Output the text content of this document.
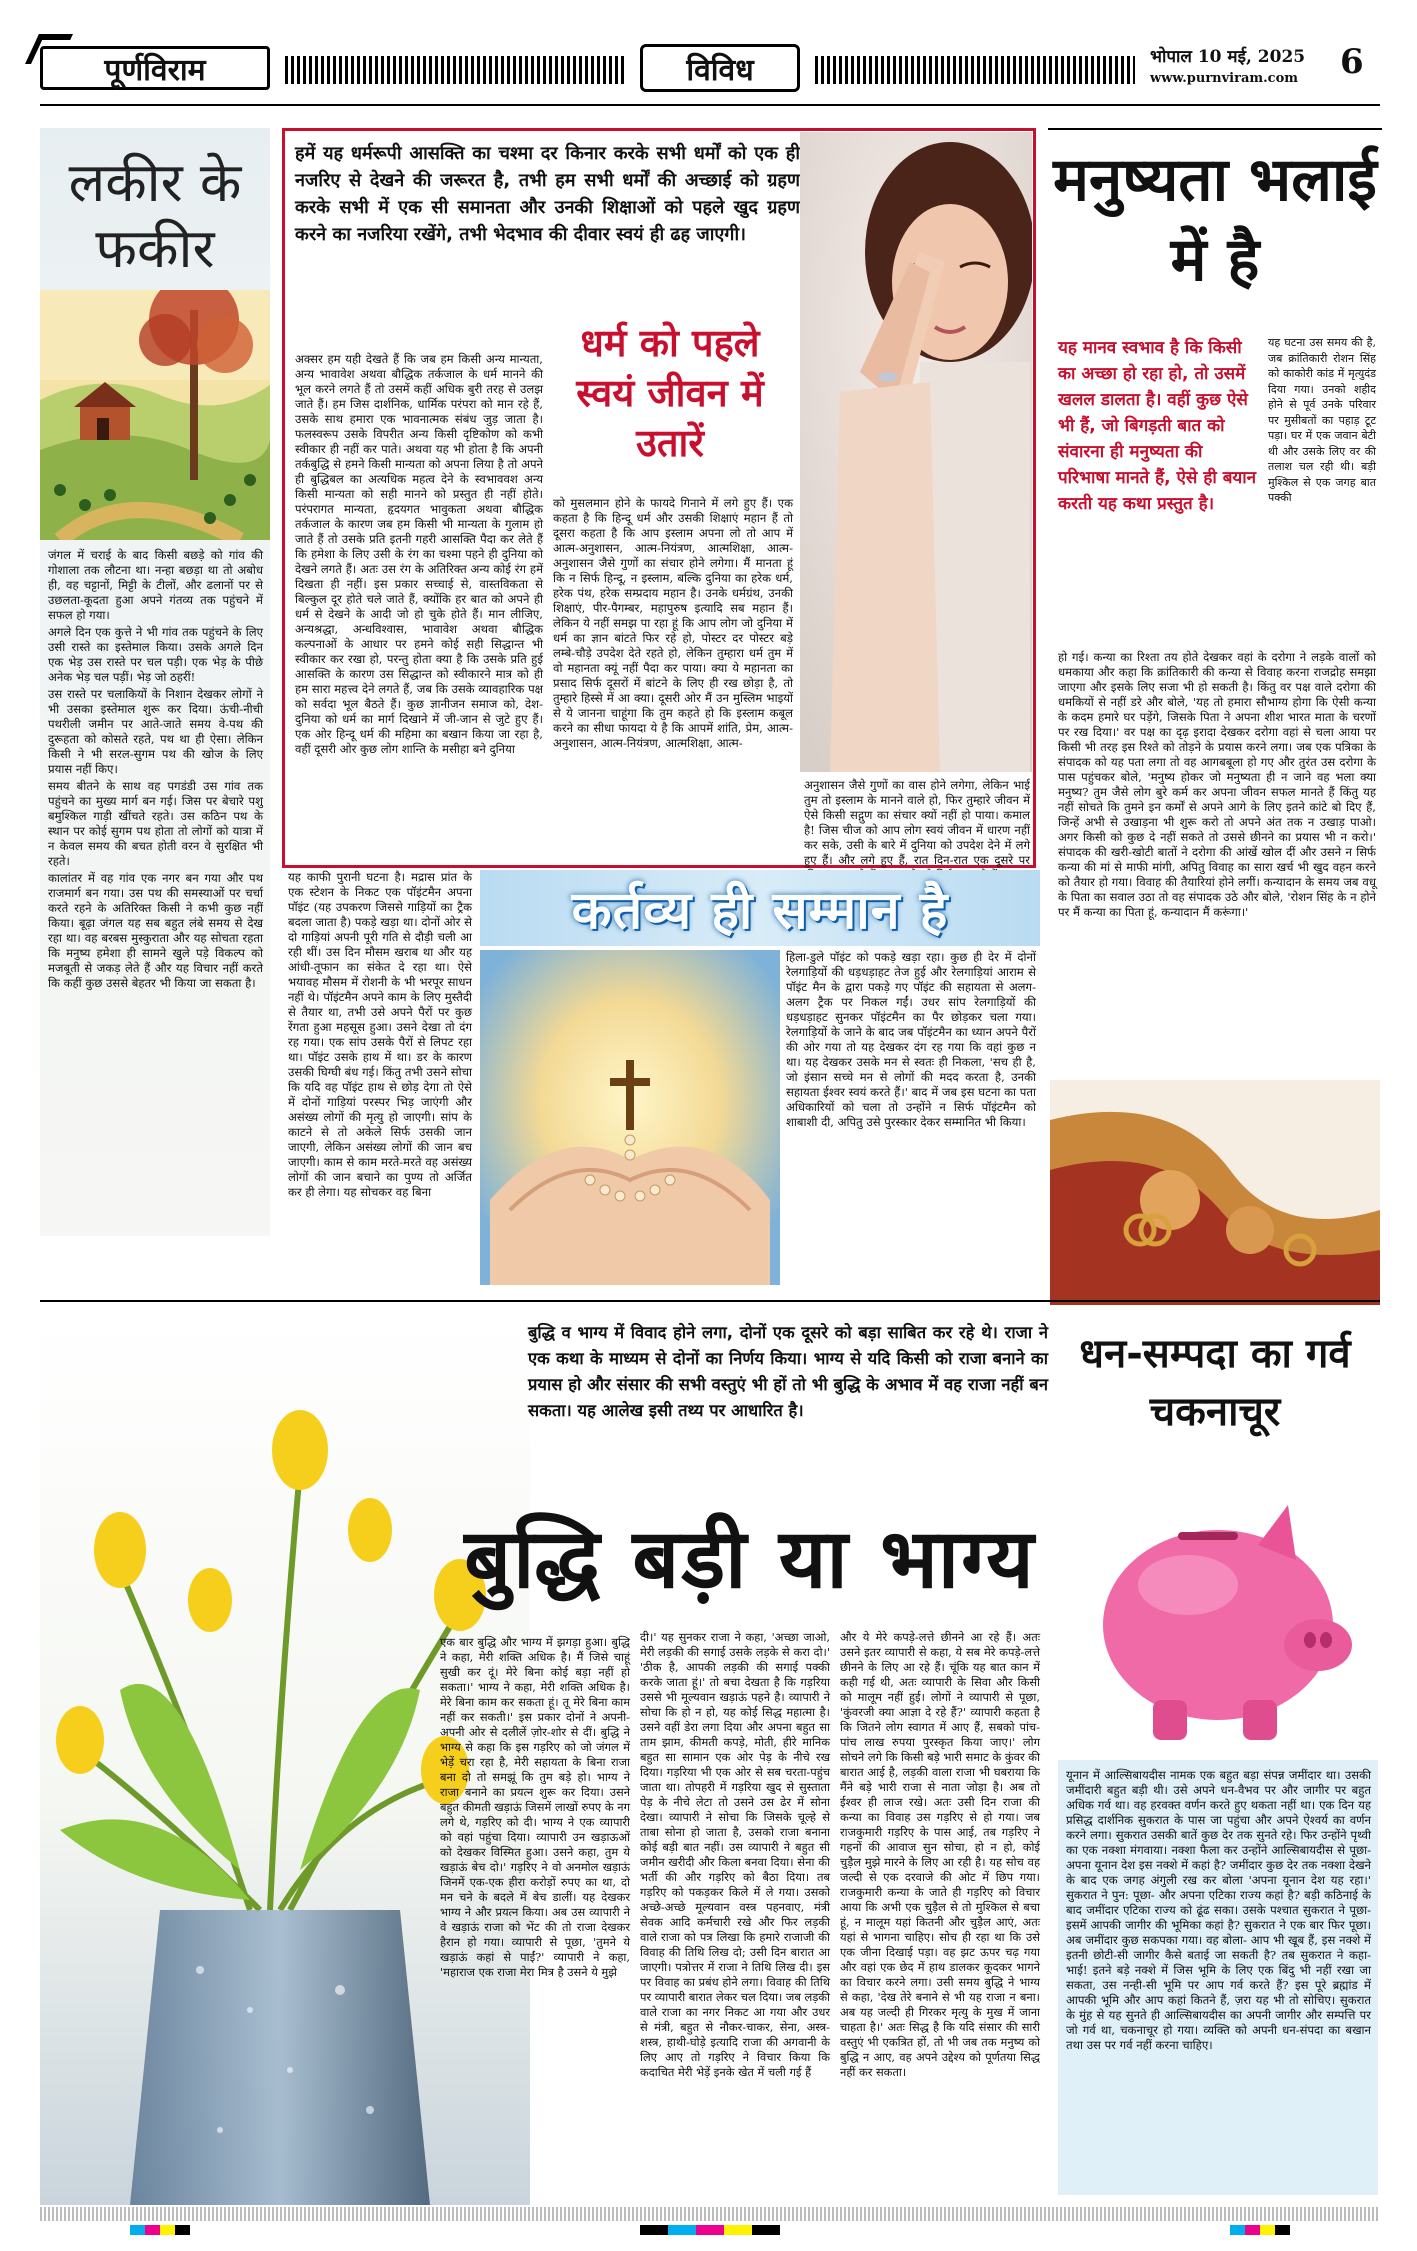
पूर्णविराम	विविध	भोपाल 10 मई, 2025
www.purnviram.com	6
लकीर के फकीर

जंगल में चराई के बाद किसी बछड़े को गांव की गोशाला तक लौटना था। नन्हा बछड़ा था तो अबोध ही, वह चट्टानों, मिट्टी के टीलों, और ढलानों पर से उछलता-कूदता हुआ अपने गंतव्य तक पहुंचने में सफल हो गया।

अगले दिन एक कुत्ते ने भी गांव तक पहुंचने के लिए उसी रास्ते का इस्तेमाल किया। उसके अगले दिन एक भेड़ उस रास्ते पर चल पड़ी। एक भेड़ के पीछे अनेक भेड़ चल पड़ीं। भेड़ जो ठहरीं!

उस रास्ते पर चलाकियों के निशान देखकर लोगों ने भी उसका इस्तेमाल शुरू कर दिया। ऊंची-नीची पथरीली जमीन पर आते-जाते समय वे-पथ की दुरूहता को कोसते रहते, पथ था ही ऐसा। लेकिन किसी ने भी सरल-सुगम पथ की खोज के लिए प्रयास नहीं किए।

समय बीतने के साथ वह पगडंडी उस गांव तक पहुंचने का मुख्य मार्ग बन गई। जिस पर बेचारे पशु बमुश्किल गाड़ी खींचते रहते। उस कठिन पथ के स्थान पर कोई सुगम पथ होता तो लोगों को यात्रा में न केवल समय की बचत होती वरन वे सुरक्षित भी रहते।

कालांतर में वह गांव एक नगर बन गया और पथ राजमार्ग बन गया। उस पथ की समस्याओं पर चर्चा करते रहने के अतिरिक्त किसी ने कभी कुछ नहीं किया। बूढ़ा जंगल यह सब बहुत लंबे समय से देख रहा था। वह बरबस मुस्कुराता और यह सोचता रहता कि मनुष्य हमेशा ही सामने खुले पड़े विकल्प को मजबूती से जकड़ लेते हैं और यह विचार नहीं करते कि कहीं कुछ उससे बेहतर भी किया जा सकता है।

हमें यह धर्मरूपी आसक्ति का चश्मा दर किनार करके सभी धर्मों को एक ही नजरिए से देखने की जरूरत है, तभी हम सभी धर्मों की अच्छाई को ग्रहण करके सभी में एक सी समानता और उनकी शिक्षाओं को पहले खुद ग्रहण करने का नजरिया रखेंगे, तभी भेदभाव की दीवार स्वयं ही ढह जाएगी।
धर्म को पहले स्वयं जीवन में उतारें
अक्सर हम यही देखते हैं कि जब हम किसी अन्य मान्यता, अन्य भावावेश अथवा बौद्धिक तर्कजाल के धर्म मानने की भूल करने लगते हैं तो उसमें कहीं अधिक बुरी तरह से उलझ जाते हैं। हम जिस दार्शनिक, धार्मिक परंपरा को मान रहे हैं, उसके साथ हमारा एक भावनात्मक संबंध जुड़ जाता है। फलस्वरूप उसके विपरीत अन्य किसी दृष्टिकोण को कभी स्वीकार ही नहीं कर पाते। अथवा यह भी होता है कि अपनी तर्कबुद्धि से हमने किसी मान्यता को अपना लिया है तो अपने ही बुद्धिबल का अत्यधिक महत्व देने के स्वभाववश अन्य किसी मान्यता को सही मानने को प्रस्तुत ही नहीं होते। परंपरागत मान्यता, हृदयगत भावुकता अथवा बौद्धिक तर्कजाल के कारण जब हम किसी भी मान्यता के गुलाम हो जाते हैं तो उसके प्रति इतनी गहरी आसक्ति पैदा कर लेते हैं कि हमेशा के लिए उसी के रंग का चश्मा पहने ही दुनिया को देखने लगते हैं। अतः उस रंग के अतिरिक्त अन्य कोई रंग हमें दिखता ही नहीं। इस प्रकार सच्चाई से, वास्तविकता से बिल्कुल दूर होते चले जाते हैं, क्योंकि हर बात को अपने ही धर्म से देखने के आदी जो हो चुके होते हैं। मान लीजिए, अन्यश्रद्धा, अन्धविश्वास, भावावेश अथवा बौद्धिक कल्पनाओं के आधार पर हमने कोई सही सिद्धान्त भी स्वीकार कर रखा हो, परन्तु होता क्या है कि उसके प्रति हुई आसक्ति के कारण उस सिद्धान्त को स्वीकारने मात्र को ही हम सारा महत्त्व देने लगते हैं, जब कि उसके व्यावहारिक पक्ष को सर्वदा भूल बैठते हैं। कुछ ज्ञानीजन समाज को, देश-दुनिया को धर्म का मार्ग दिखाने में जी-जान से जुटे हुए हैं। एक ओर हिन्दू धर्म की महिमा का बखान किया जा रहा है, वहीं दूसरी ओर कुछ लोग शान्ति के मसीहा बने दुनिया
को मुसलमान होने के फायदे गिनाने में लगे हुए हैं। एक कहता है कि हिन्दू धर्म और उसकी शिक्षाएं महान हैं तो दूसरा कहता है कि आप इस्लाम अपना लो तो आप में आत्म-अनुशासन, आत्म-नियंत्रण, आत्मशिक्षा, आत्म-अनुशासन जैसे गुणों का संचार होने लगेगा। मैं मानता हूं कि न सिर्फ हिन्दू, न इस्लाम, बल्कि दुनिया का हरेक धर्म, हरेक पंथ, हरेक सम्प्रदाय महान है। उनके धर्मग्रंथ, उनकी शिक्षाएं, पीर-पैगम्बर, महापुरुष इत्यादि सब महान हैं। लेकिन ये नहीं समझ पा रहा हूं कि आप लोग जो दुनिया में धर्म का ज्ञान बांटते फिर रहे हो, पोस्टर दर पोस्टर बड़े लम्बे-चौड़े उपदेश देते रहते हो, लेकिन तुम्हारा धर्म तुम में वो महानता क्यूं नहीं पैदा कर पाया। क्या ये महानता का प्रसाद सिर्फ दूसरों में बांटने के लिए ही रख छोड़ा है, तो तुम्हारे हिस्से में आ क्या। दूसरी ओर मैं उन मुस्लिम भाइयों से ये जानना चाहूंगा कि तुम कहते हो कि इस्लाम कबूल करने का सीधा फायदा ये है कि आपमें शांति, प्रेम, आत्म-अनुशासन, आत्म-नियंत्रण, आत्मशिक्षा, आत्म-
अनुशासन जैसे गुणों का वास होने लगेगा, लेकिन भाई तुम तो इस्लाम के मानने वाले हो, फिर तुम्हारे जीवन में ऐसे किसी सद्गुण का संचार क्यों नहीं हो पाया। कमाल है! जिस चीज को आप लोग स्वयं जीवन में धारण नहीं कर सके, उसी के बारे में दुनिया को उपदेश देने में लगे हुए हैं। और लगे हुए हैं, रात दिन-रात एक दूसरे पर
मनुष्यता भलाई में है
यह मानव स्वभाव है कि किसी का अच्छा हो रहा हो, तो उसमें खलल डालता है। वहीं कुछ ऐसे भी हैं, जो बिगड़ती बात को संवारना ही मनुष्यता की परिभाषा मानते हैं, ऐसे ही बयान करती यह कथा प्रस्तुत है।
यह घटना उस समय की है, जब क्रांतिकारी रोशन सिंह को काकोरी कांड में मृत्युदंड दिया गया। उनको शहीद होने से पूर्व उनके परिवार पर मुसीबतों का पहाड़ टूट पड़ा। घर में एक जवान बेटी थी और उसके लिए वर की तलाश चल रही थी। बड़ी मुश्किल से एक जगह बात पक्की
हो गई। कन्या का रिश्ता तय होते देखकर वहां के दरोगा ने लड़के वालों को धमकाया और कहा कि क्रांतिकारी की कन्या से विवाह करना राजद्रोह समझा जाएगा और इसके लिए सजा भी हो सकती है। किंतु वर पक्ष वाले दरोगा की धमकियों से नहीं डरे और बोले, 'यह तो हमारा सौभाग्य होगा कि ऐसी कन्या के कदम हमारे घर पड़ेंगे, जिसके पिता ने अपना शीश भारत माता के चरणों पर रख दिया।' वर पक्ष का दृढ़ इरादा देखकर दरोगा वहां से चला आया पर किसी भी तरह इस रिश्ते को तोड़ने के प्रयास करने लगा। जब एक पत्रिका के संपादक को यह पता लगा तो वह आगबबूला हो गए और तुरंत उस दरोगा के पास पहुंचकर बोले, 'मनुष्य होकर जो मनुष्यता ही न जाने वह भला क्या मनुष्य? तुम जैसे लोग बुरे कर्म कर अपना जीवन सफल मानते हैं किंतु यह नहीं सोचते कि तुमने इन कर्मों से अपने आगे के लिए इतने कांटे बो दिए हैं, जिन्हें अभी से उखाड़ना भी शुरू करो तो अपने अंत तक न उखाड़ पाओ। अगर किसी को कुछ दे नहीं सकते तो उससे छीनने का प्रयास भी न करो।' संपादक की खरी-खोटी बातों ने दरोगा की आंखें खोल दीं और उसने न सिर्फ कन्या की मां से माफी मांगी, अपितु विवाह का सारा खर्च भी खुद वहन करने को तैयार हो गया। विवाह की तैयारियां होने लगीं। कन्यादान के समय जब वधू के पिता का सवाल उठा तो वह संपादक उठे और बोले, 'रोशन सिंह के न होने पर मैं कन्या का पिता हूं, कन्यादान मैं करूंगा।'
कर्तव्य ही सम्मान है
यह काफी पुरानी घटना है। मद्रास प्रांत के एक स्टेशन के निकट एक पॉइंटमैन अपना पॉइंट (यह उपकरण जिससे गाड़ियों का ट्रैक बदला जाता है) पकड़े खड़ा था। दोनों ओर से दो गाड़ियां अपनी पूरी गति से दौड़ी चली आ रही थीं। उस दिन मौसम खराब था और यह आंधी-तूफान का संकेत दे रहा था। ऐसे भयावह मौसम में रोशनी के भी भरपूर साधन नहीं थे। पॉइंटमैन अपने काम के लिए मुस्तैदी से तैयार था, तभी उसे अपने पैरों पर कुछ रेंगता हुआ महसूस हुआ। उसने देखा तो दंग रह गया। एक सांप उसके पैरों से लिपट रहा था। पॉइंट उसके हाथ में था। डर के कारण उसकी घिग्घी बंध गई। किंतु तभी उसने सोचा कि यदि वह पॉइंट हाथ से छोड़ देगा तो ऐसे में दोनों गाड़ियां परस्पर भिड़ जाएंगी और असंख्य लोगों की मृत्यु हो जाएगी। सांप के काटने से तो अकेले सिर्फ उसकी जान जाएगी, लेकिन असंख्य लोगों की जान बच जाएगी। काम से काम मरते-मरते वह असंख्य लोगों की जान बचाने का पुण्य तो अर्जित कर ही लेगा। यह सोचकर वह बिना
हिला-डुले पॉइंट को पकड़े खड़ा रहा। कुछ ही देर में दोनों रेलगाड़ियों की धड़धड़ाहट तेज हुई और रेलगाड़ियां आराम से पॉइंट मैन के द्वारा पकड़े गए पॉइंट की सहायता से अलग-अलग ट्रैक पर निकल गईं। उधर सांप रेलगाड़ियों की धड़धड़ाहट सुनकर पॉइंटमैन का पैर छोड़कर चला गया। रेलगाड़ियों के जाने के बाद जब पॉइंटमैन का ध्यान अपने पैरों की ओर गया तो यह देखकर दंग रह गया कि वहां कुछ न था। यह देखकर उसके मन से स्वतः ही निकला, 'सच ही है, जो इंसान सच्चे मन से लोगों की मदद करता है, उनकी सहायता ईश्वर स्वयं करते हैं।' बाद में जब इस घटना का पता अधिकारियों को चला तो उन्होंने न सिर्फ पॉइंटमैन को शाबाशी दी, अपितु उसे पुरस्कार देकर सम्मानित भी किया।
बुद्धि व भाग्य में विवाद होने लगा, दोनों एक दूसरे को बड़ा साबित कर रहे थे। राजा ने एक कथा के माध्यम से दोनों का निर्णय किया। भाग्य से यदि किसी को राजा बनाने का प्रयास हो और संसार की सभी वस्तुएं भी हों तो भी बुद्धि के अभाव में वह राजा नहीं बन सकता। यह आलेख इसी तथ्य पर आधारित है।
बुद्धि बड़ी या भाग्य
एक बार बुद्धि और भाग्य में झगड़ा हुआ। बुद्धि ने कहा, मेरी शक्ति अधिक है। मैं जिसे चाहूं सुखी कर दूं। मेरे बिना कोई बड़ा नहीं हो सकता।' भाग्य ने कहा, मेरी शक्ति अधिक है। मेरे बिना काम कर सकता हूं। तू मेरे बिना काम नहीं कर सकती।' इस प्रकार दोनों ने अपनी-अपनी ओर से दलीलें ज़ोर-शोर से दीं। बुद्धि ने भाग्य से कहा कि इस गड़रिए को जो जंगल में भेड़ें चरा रहा है, मेरी सहायता के बिना राजा बना दो तो समझूं कि तुम बड़े हो। भाग्य ने राजा बनाने का प्रयत्न शुरू कर दिया। उसने बहुत कीमती खड़ाऊं जिसमें लाखों रुपए के नग लगे थे, गड़रिए को दी। भाग्य ने एक व्यापारी को वहां पहुंचा दिया। व्यापारी उन खड़ाऊओं को देखकर विस्मित हुआ। उसने कहा, तुम ये खड़ाऊं बेच दो।' गड़रिए ने वो अनमोल खड़ाऊं जिनमें एक-एक हीरा करोड़ों रुपए का था, दो मन चने के बदले में बेच डालीं। यह देखकर भाग्य ने और प्रयत्न किया। अब उस व्यापारी ने वे खड़ाऊं राजा को भेंट की तो राजा देखकर हैरान हो गया। व्यापारी से पूछा, 'तुमने ये खड़ाऊं कहां से पाईं?' व्यापारी ने कहा, 'महाराज एक राजा मेरा मित्र है उसने ये मुझे
दी।' यह सुनकर राजा ने कहा, 'अच्छा जाओ, मेरी लड़की की सगाई उसके लड़के से करा दो।' 'ठीक है, आपकी लड़की की सगाई पक्की करके जाता हूं।' तो बचा देखता है कि गड़रिया उससे भी मूल्यवान खड़ाऊं पहने है। व्यापारी ने सोचा कि हो न हो, यह कोई सिद्ध महात्मा है। उसने वहीं डेरा लगा दिया और अपना बहुत सा ताम झाम, कीमती कपड़े, मोती, हीरे मानिक बहुत सा सामान एक ओर पेड़ के नीचे रख दिया। गड़रिया भी एक ओर से सब चरता-पहुंच जाता था। तोपहरी में गड़रिया खुद से सुस्ताता पेड़ के नीचे लेटा तो उसने उस ढेर में सोना देखा। व्यापारी ने सोचा कि जिसके चूल्हे से ताबा सोना हो जाता है, उसको राजा बनाना कोई बड़ी बात नहीं। उस व्यापारी ने बहुत सी जमीन खरीदी और किला बनवा दिया। सेना की भर्ती की और गड़रिए को बैठा दिया। तब गड़रिए को पकड़कर किले में ले गया। उसको अच्छे-अच्छे मूल्यवान वस्त्र पहनवाए, मंत्री सेवक आदि कर्मचारी रखे और फिर लड़की वाले राजा को पत्र लिखा कि हमारे राजाजी की विवाह की तिथि लिख दो; उसी दिन बारात आ जाएगी। पत्रोत्तर में राजा ने तिथि लिख दी। इस पर विवाह का प्रबंध होने लगा। विवाह की तिथि पर व्यापारी बारात लेकर चल दिया। जब लड़की वाले राजा का नगर निकट आ गया और उधर से मंत्री, बहुत से नौकर-चाकर, सेना, अस्त्र-शस्त्र, हाथी-घोड़े इत्यादि राजा की अगवानी के लिए आए तो गड़रिए ने विचार किया कि कदाचित मेरी भेड़ें इनके खेत में चली गई हैं
और ये मेरे कपड़े-लत्ते छीनने आ रहे हैं। अतः उसने इतर व्यापारी से कहा, ये सब मेरे कपड़े-लत्ते छीनने के लिए आ रहे हैं। चूंकि यह बात कान में कही गई थी, अतः व्यापारी के सिवा और किसी को मालूम नहीं हुई। लोगों ने व्यापारी से पूछा, 'कुंवरजी क्या आज्ञा दे रहे हैं?' व्यापारी कहता है कि जितने लोग स्वागत में आए हैं, सबको पांच-पांच लाख रुपया पुरस्कृत किया जाए।' लोग सोचने लगे कि किसी बड़े भारी समाट के कुंवर की बारात आई है, लड़की वाला राजा भी घबराया कि मैंने बड़े भारी राजा से नाता जोड़ा है। अब तो ईश्वर ही लाज रखे। अतः उसी दिन राजा की कन्या का विवाह उस गड़रिए से हो गया। जब राजकुमारी गड़रिए के पास आई, तब गड़रिए ने गहनों की आवाज सुन सोचा, हो न हो, कोई चुड़ैल मुझे मारने के लिए आ रही है। यह सोच वह जल्दी से एक दरवाजे की ओट में छिप गया। राजकुमारी कन्या के जाते ही गड़रिए को विचार आया कि अभी एक चुड़ैल से तो मुश्किल से बचा हूं, न मालूम यहां कितनी और चुड़ैल आएं, अतः यहां से भागना चाहिए। सोच ही रहा था कि उसे एक जीना दिखाई पड़ा। वह झट ऊपर चढ़ गया और वहां एक छेद में हाथ डालकर कूदकर भागने का विचार करने लगा। उसी समय बुद्धि ने भाग्य से कहा, 'देख तेरे बनाने से भी यह राजा न बना। अब यह जल्दी ही गिरकर मृत्यु के मुख में जाना चाहता है।' अतः सिद्ध है कि यदि संसार की सारी वस्तुएं भी एकत्रित हों, तो भी जब तक मनुष्य को बुद्धि न आए, वह अपने उद्देश्य को पूर्णतया सिद्ध नहीं कर सकता।
धन-सम्पदा का गर्व चकनाचूर
यूनान में आल्सिबायदीस नामक एक बहुत बड़ा संपन्न जमींदार था। उसकी जमींदारी बहुत बड़ी थी। उसे अपने धन-वैभव पर और जागीर पर बहुत अधिक गर्व था। वह हरवक्त वर्णन करते हुए थकता नहीं था। एक दिन यह प्रसिद्ध दार्शनिक सुकरात के पास जा पहुंचा और अपने ऐश्वर्य का वर्णन करने लगा। सुकरात उसकी बातें कुछ देर तक सुनते रहे। फिर उन्होंने पृथ्वी का एक नक्शा मंगवाया। नक्शा फैला कर उन्होंने आल्सिबायदीस से पूछा- अपना यूनान देश इस नक्शे में कहां है? जमींदार कुछ देर तक नक्शा देखने के बाद एक जगह अंगुली रख कर बोला 'अपना यूनान देश यह रहा।' सुकरात ने पुन: पूछा- और अपना एटिका राज्य कहां है? बड़ी कठिनाई के बाद जमींदार एटिका राज्य को ढूंढ सका। उसके पश्चात सुकरात ने पूछा- इसमें आपकी जागीर की भूमिका कहां है? सुकरात ने एक बार फिर पूछा। अब जमींदार कुछ सकपका गया। वह बोला- आप भी खूब हैं, इस नक्शे में इतनी छोटी-सी जागीर कैसे बताई जा सकती है? तब सुकरात ने कहा- भाई! इतने बड़े नक्शे में जिस भूमि के लिए एक बिंदु भी नहीं रखा जा सकता, उस नन्ही-सी भूमि पर आप गर्व करते हैं? इस पूरे ब्रह्मांड में आपकी भूमि और आप कहां कितने हैं, ज़रा यह भी तो सोचिए। सुकरात के मुंह से यह सुनते ही आल्सिबायदीस का अपनी जागीर और सम्पत्ति पर जो गर्व था, चकनाचूर हो गया। व्यक्ति को अपनी धन-संपदा का बखान तथा उस पर गर्व नहीं करना चाहिए।
